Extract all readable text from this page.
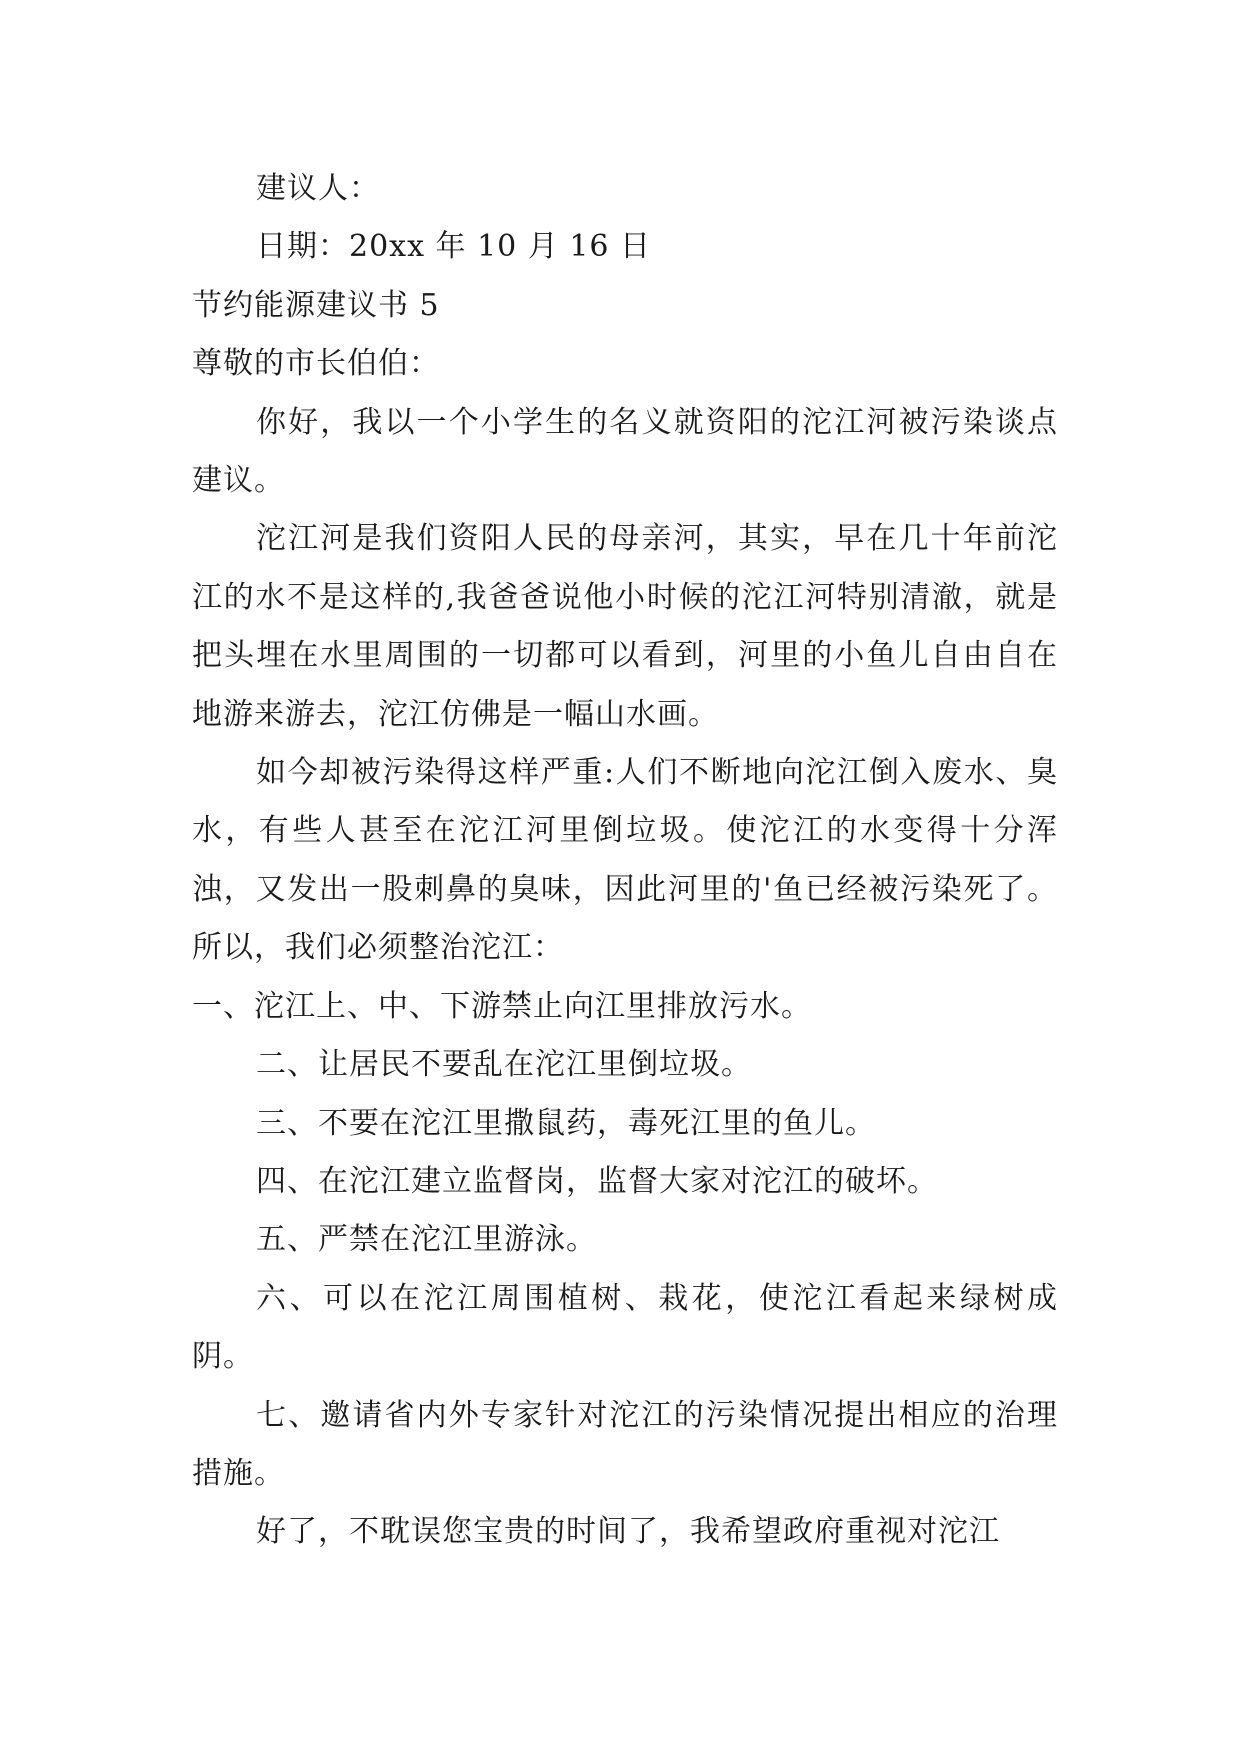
建议人：

日期：20xx 年 10 月 16 日

节约能源建议书 5

尊敬的市长伯伯：

你好，我以一个小学生的名义就资阳的沱江河被污染谈点建议。

沱江河是我们资阳人民的母亲河，其实，早在几十年前沱江的水不是这样的,我爸爸说他小时候的沱江河特别清澈，就是把头埋在水里周围的一切都可以看到，河里的小鱼儿自由自在地游来游去，沱江仿佛是一幅山水画。

如今却被污染得这样严重:人们不断地向沱江倒入废水、臭水，有些人甚至在沱江河里倒垃圾。使沱江的水变得十分浑浊，又发出一股刺鼻的臭味，因此河里的'鱼已经被污染死了。所以，我们必须整治沱江：

一、沱江上、中、下游禁止向江里排放污水。

二、让居民不要乱在沱江里倒垃圾。

三、不要在沱江里撒鼠药，毒死江里的鱼儿。

四、在沱江建立监督岗，监督大家对沱江的破坏。

五、严禁在沱江里游泳。

六、可以在沱江周围植树、栽花，使沱江看起来绿树成阴。

七、邀请省内外专家针对沱江的污染情况提出相应的治理措施。

好了，不耽误您宝贵的时间了，我希望政府重视对沱江
